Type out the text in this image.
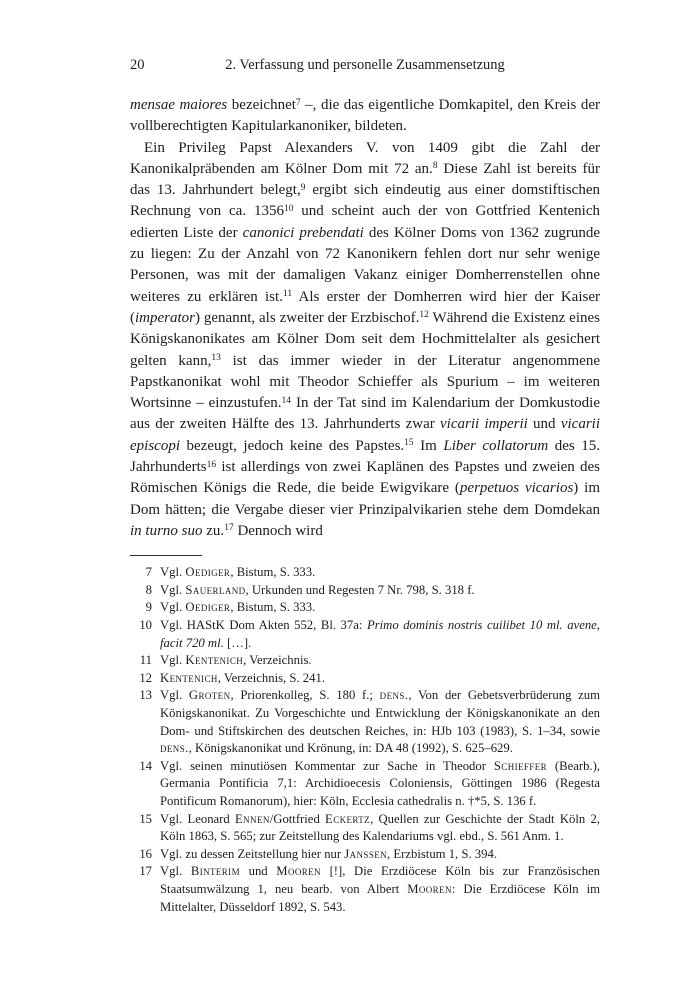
20	2. Verfassung und personelle Zusammensetzung

mensae maiores bezeichnet$^7$ –, die das eigentliche Domkapitel, den Kreis der vollberechtigten Kapitularkanoniker, bildeten.

Ein Privileg Papst Alexanders V. von 1409 gibt die Zahl der Kanonikalpräbenden am Kölner Dom mit 72 an.$^8$ Diese Zahl ist bereits für das 13. Jahrhundert belegt,$^9$ ergibt sich eindeutig aus einer domstiftischen Rechnung von ca. 1356$^{10}$ und scheint auch der von Gottfried Kentenich edierten Liste der canonici prebendati des Kölner Doms von 1362 zugrunde zu liegen: Zu der Anzahl von 72 Kanonikern fehlen dort nur sehr wenige Personen, was mit der damaligen Vakanz einiger Domherrenstellen ohne weiteres zu erklären ist.$^{11}$ Als erster der Domherren wird hier der Kaiser (imperator) genannt, als zweiter der Erzbischof.$^{12}$ Während die Existenz eines Königskanonikates am Kölner Dom seit dem Hochmittelalter als gesichert gelten kann,$^{13}$ ist das immer wieder in der Literatur angenommene Papstkanonikat wohl mit Theodor Schieffer als Spurium – im weiteren Wortsinne – einzustufen.$^{14}$ In der Tat sind im Kalendarium der Domkustodie aus der zweiten Hälfte des 13. Jahrhunderts zwar vicarii imperii und vicarii episcopi bezeugt, jedoch keine des Papstes.$^{15}$ Im Liber collatorum des 15. Jahrhunderts$^{16}$ ist allerdings von zwei Kaplänen des Papstes und zweien des Römischen Königs die Rede, die beide Ewigvikare (perpetuos vicarios) im Dom hätten; die Vergabe dieser vier Prinzipalvikarien stehe dem Domdekan in turno suo zu.$^{17}$ Dennoch wird

7 Vgl. Oediger, Bistum, S. 333.
8 Vgl. Sauerland, Urkunden und Regesten 7 Nr. 798, S. 318 f.
9 Vgl. Oediger, Bistum, S. 333.
10 Vgl. HAStK Dom Akten 552, Bl. 37a: Primo dominis nostris cuilibet 10 ml. avene, facit 720 ml. […].
11 Vgl. Kentenich, Verzeichnis.
12 Kentenich, Verzeichnis, S. 241.
13 Vgl. Groten, Priorenkolleg, S. 180 f.; dens., Von der Gebetsverbrüderung zum Königskanonikat. Zu Vorgeschichte und Entwicklung der Königskanonikate an den Dom- und Stiftskirchen des deutschen Reiches, in: HJb 103 (1983), S. 1–34, sowie dens., Königskanonikat und Krönung, in: DA 48 (1992), S. 625–629.
14 Vgl. seinen minutiösen Kommentar zur Sache in Theodor Schieffer (Bearb.), Germania Pontificia 7,1: Archidioecesis Coloniensis, Göttingen 1986 (Regesta Pontificum Romanorum), hier: Köln, Ecclesia cathedralis n. †*5, S. 136 f.
15 Vgl. Leonard Ennen/Gottfried Eckertz, Quellen zur Geschichte der Stadt Köln 2, Köln 1863, S. 565; zur Zeitstellung des Kalendariums vgl. ebd., S. 561 Anm. 1.
16 Vgl. zu dessen Zeitstellung hier nur Janssen, Erzbistum 1, S. 394.
17 Vgl. Binterim und Mooren [!], Die Erzdiöcese Köln bis zur Französischen Staatsumwälzung 1, neu bearb. von Albert Mooren: Die Erzdiöcese Köln im Mittelalter, Düsseldorf 1892, S. 543.
